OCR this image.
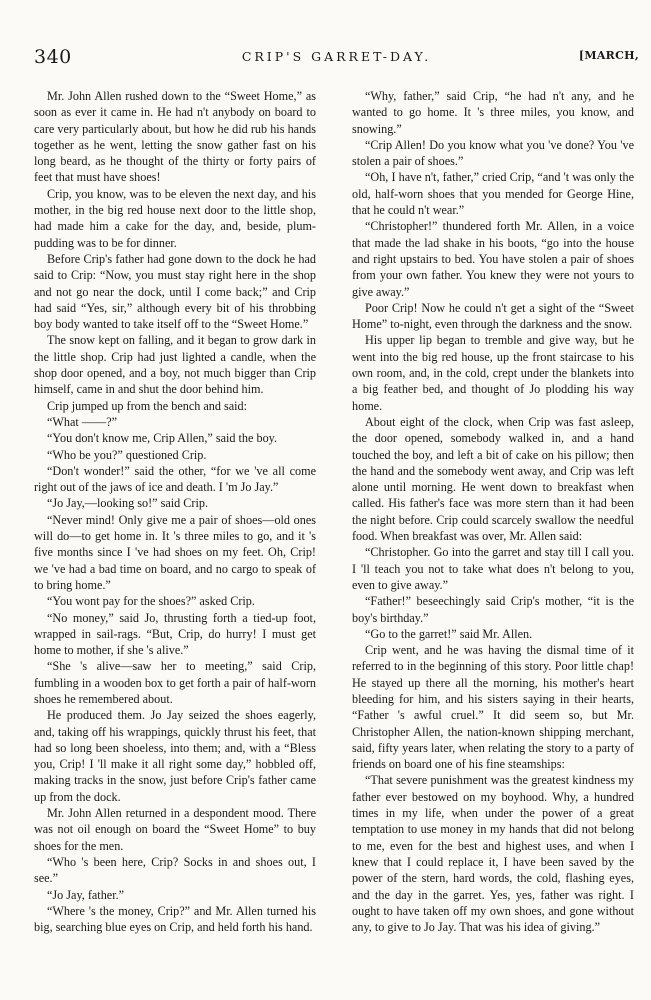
340	CRIP'S GARRET-DAY.	[MARCH,

Mr. John Allen rushed down to the “Sweet Home,” as soon as ever it came in. He had n't anybody on board to care very particularly about, but how he did rub his hands together as he went, letting the snow gather fast on his long beard, as he thought of the thirty or forty pairs of feet that must have shoes!

Crip, you know, was to be eleven the next day, and his mother, in the big red house next door to the little shop, had made him a cake for the day, and, beside, plum-pudding was to be for dinner.

Before Crip's father had gone down to the dock he had said to Crip: “Now, you must stay right here in the shop and not go near the dock, until I come back;” and Crip had said “Yes, sir,” although every bit of his throbbing boy body wanted to take itself off to the “Sweet Home.”

The snow kept on falling, and it began to grow dark in the little shop. Crip had just lighted a candle, when the shop door opened, and a boy, not much bigger than Crip himself, came in and shut the door behind him.

Crip jumped up from the bench and said:

“What ——?”

“You don't know me, Crip Allen,” said the boy.

“Who be you?” questioned Crip.

“Don't wonder!” said the other, “for we 've all come right out of the jaws of ice and death. I 'm Jo Jay.”

“Jo Jay,—looking so!” said Crip.

“Never mind! Only give me a pair of shoes—old ones will do—to get home in. It 's three miles to go, and it 's five months since I 've had shoes on my feet. Oh, Crip! we 've had a bad time on board, and no cargo to speak of to bring home.”

“You wont pay for the shoes?” asked Crip.

“No money,” said Jo, thrusting forth a tied-up foot, wrapped in sail-rags. “But, Crip, do hurry! I must get home to mother, if she 's alive.”

“She 's alive—saw her to meeting,” said Crip, fumbling in a wooden box to get forth a pair of half-worn shoes he remembered about.

He produced them. Jo Jay seized the shoes eagerly, and, taking off his wrappings, quickly thrust his feet, that had so long been shoeless, into them; and, with a “Bless you, Crip! I 'll make it all right some day,” hobbled off, making tracks in the snow, just before Crip's father came up from the dock.

Mr. John Allen returned in a despondent mood. There was not oil enough on board the “Sweet Home” to buy shoes for the men.

“Who 's been here, Crip? Socks in and shoes out, I see.”

“Jo Jay, father.”

“Where 's the money, Crip?” and Mr. Allen turned his big, searching blue eyes on Crip, and held forth his hand.

“Why, father,” said Crip, “he had n't any, and he wanted to go home. It 's three miles, you know, and snowing.”

“Crip Allen! Do you know what you 've done? You 've stolen a pair of shoes.”

“Oh, I have n't, father,” cried Crip, “and 't was only the old, half-worn shoes that you mended for George Hine, that he could n't wear.”

“Christopher!” thundered forth Mr. Allen, in a voice that made the lad shake in his boots, “go into the house and right upstairs to bed. You have stolen a pair of shoes from your own father. You knew they were not yours to give away.”

Poor Crip! Now he could n't get a sight of the “Sweet Home” to-night, even through the darkness and the snow.

His upper lip began to tremble and give way, but he went into the big red house, up the front staircase to his own room, and, in the cold, crept under the blankets into a big feather bed, and thought of Jo plodding his way home.

About eight of the clock, when Crip was fast asleep, the door opened, somebody walked in, and a hand touched the boy, and left a bit of cake on his pillow; then the hand and the somebody went away, and Crip was left alone until morning. He went down to breakfast when called. His father's face was more stern than it had been the night before. Crip could scarcely swallow the needful food. When breakfast was over, Mr. Allen said:

“Christopher. Go into the garret and stay till I call you. I 'll teach you not to take what does n't belong to you, even to give away.”

“Father!” beseechingly said Crip's mother, “it is the boy's birthday.”

“Go to the garret!” said Mr. Allen.

Crip went, and he was having the dismal time of it referred to in the beginning of this story. Poor little chap! He stayed up there all the morning, his mother's heart bleeding for him, and his sisters saying in their hearts, “Father 's awful cruel.” It did seem so, but Mr. Christopher Allen, the nation-known shipping merchant, said, fifty years later, when relating the story to a party of friends on board one of his fine steamships:

“That severe punishment was the greatest kindness my father ever bestowed on my boyhood. Why, a hundred times in my life, when under the power of a great temptation to use money in my hands that did not belong to me, even for the best and highest uses, and when I knew that I could replace it, I have been saved by the power of the stern, hard words, the cold, flashing eyes, and the day in the garret. Yes, yes, father was right. I ought to have taken off my own shoes, and gone without any, to give to Jo Jay. That was his idea of giving.”
